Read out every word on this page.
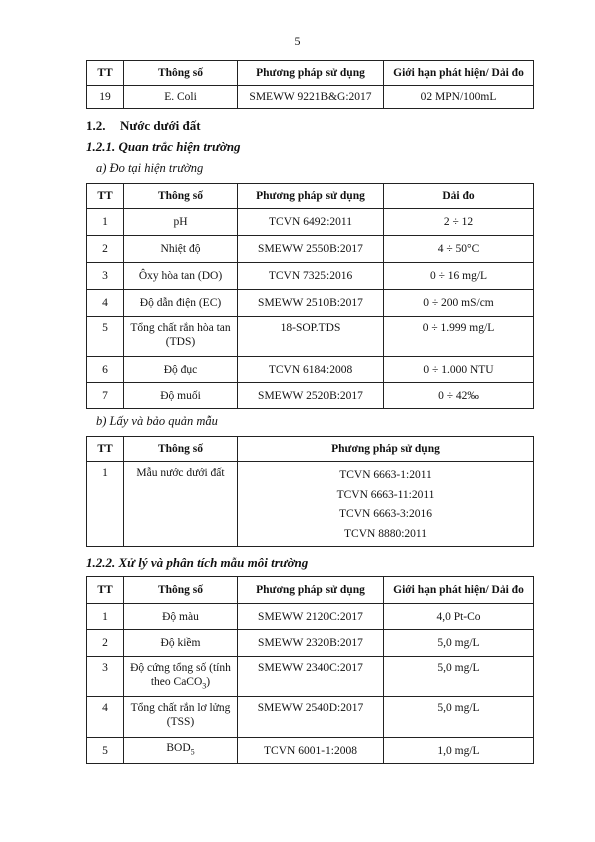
5
TT	Thông số	Phương pháp sử dụng	Giới hạn phát hiện/ Dải đo
19	E. Coli	SMEWW 9221B&G:2017	02 MPN/100mL
1.2. Nước dưới đất
1.2.1. Quan trắc hiện trường
a) Đo tại hiện trường
TT	Thông số	Phương pháp sử dụng	Dải đo
1	pH	TCVN 6492:2011	2 ÷ 12
2	Nhiệt độ	SMEWW 2550B:2017	4 ÷ 50°C
3	Ôxy hòa tan (DO)	TCVN 7325:2016	0 ÷ 16 mg/L
4	Độ dẫn điện (EC)	SMEWW 2510B:2017	0 ÷ 200 mS/cm
5	Tổng chất rắn hòa tan (TDS)	18-SOP.TDS	0 ÷ 1.999 mg/L
6	Độ đục	TCVN 6184:2008	0 ÷ 1.000 NTU
7	Độ muối	SMEWW 2520B:2017	0 ÷ 42‰
b) Lấy và bảo quản mẫu
TT	Thông số	Phương pháp sử dụng
1	Mẫu nước dưới đất	TCVN 6663-1:2011
TCVN 6663-11:2011
TCVN 6663-3:2016
TCVN 8880:2011
1.2.2. Xử lý và phân tích mẫu môi trường
TT	Thông số	Phương pháp sử dụng	Giới hạn phát hiện/ Dải đo
1	Độ màu	SMEWW 2120C:2017	4,0 Pt-Co
2	Độ kiềm	SMEWW 2320B:2017	5,0 mg/L
3	Độ cứng tổng số (tính theo CaCO$_3$)	SMEWW 2340C:2017	5,0 mg/L
4	Tổng chất rắn lơ lửng (TSS)	SMEWW 2540D:2017	5,0 mg/L
5	$BOD_5$	TCVN 6001-1:2008	1,0 mg/L
